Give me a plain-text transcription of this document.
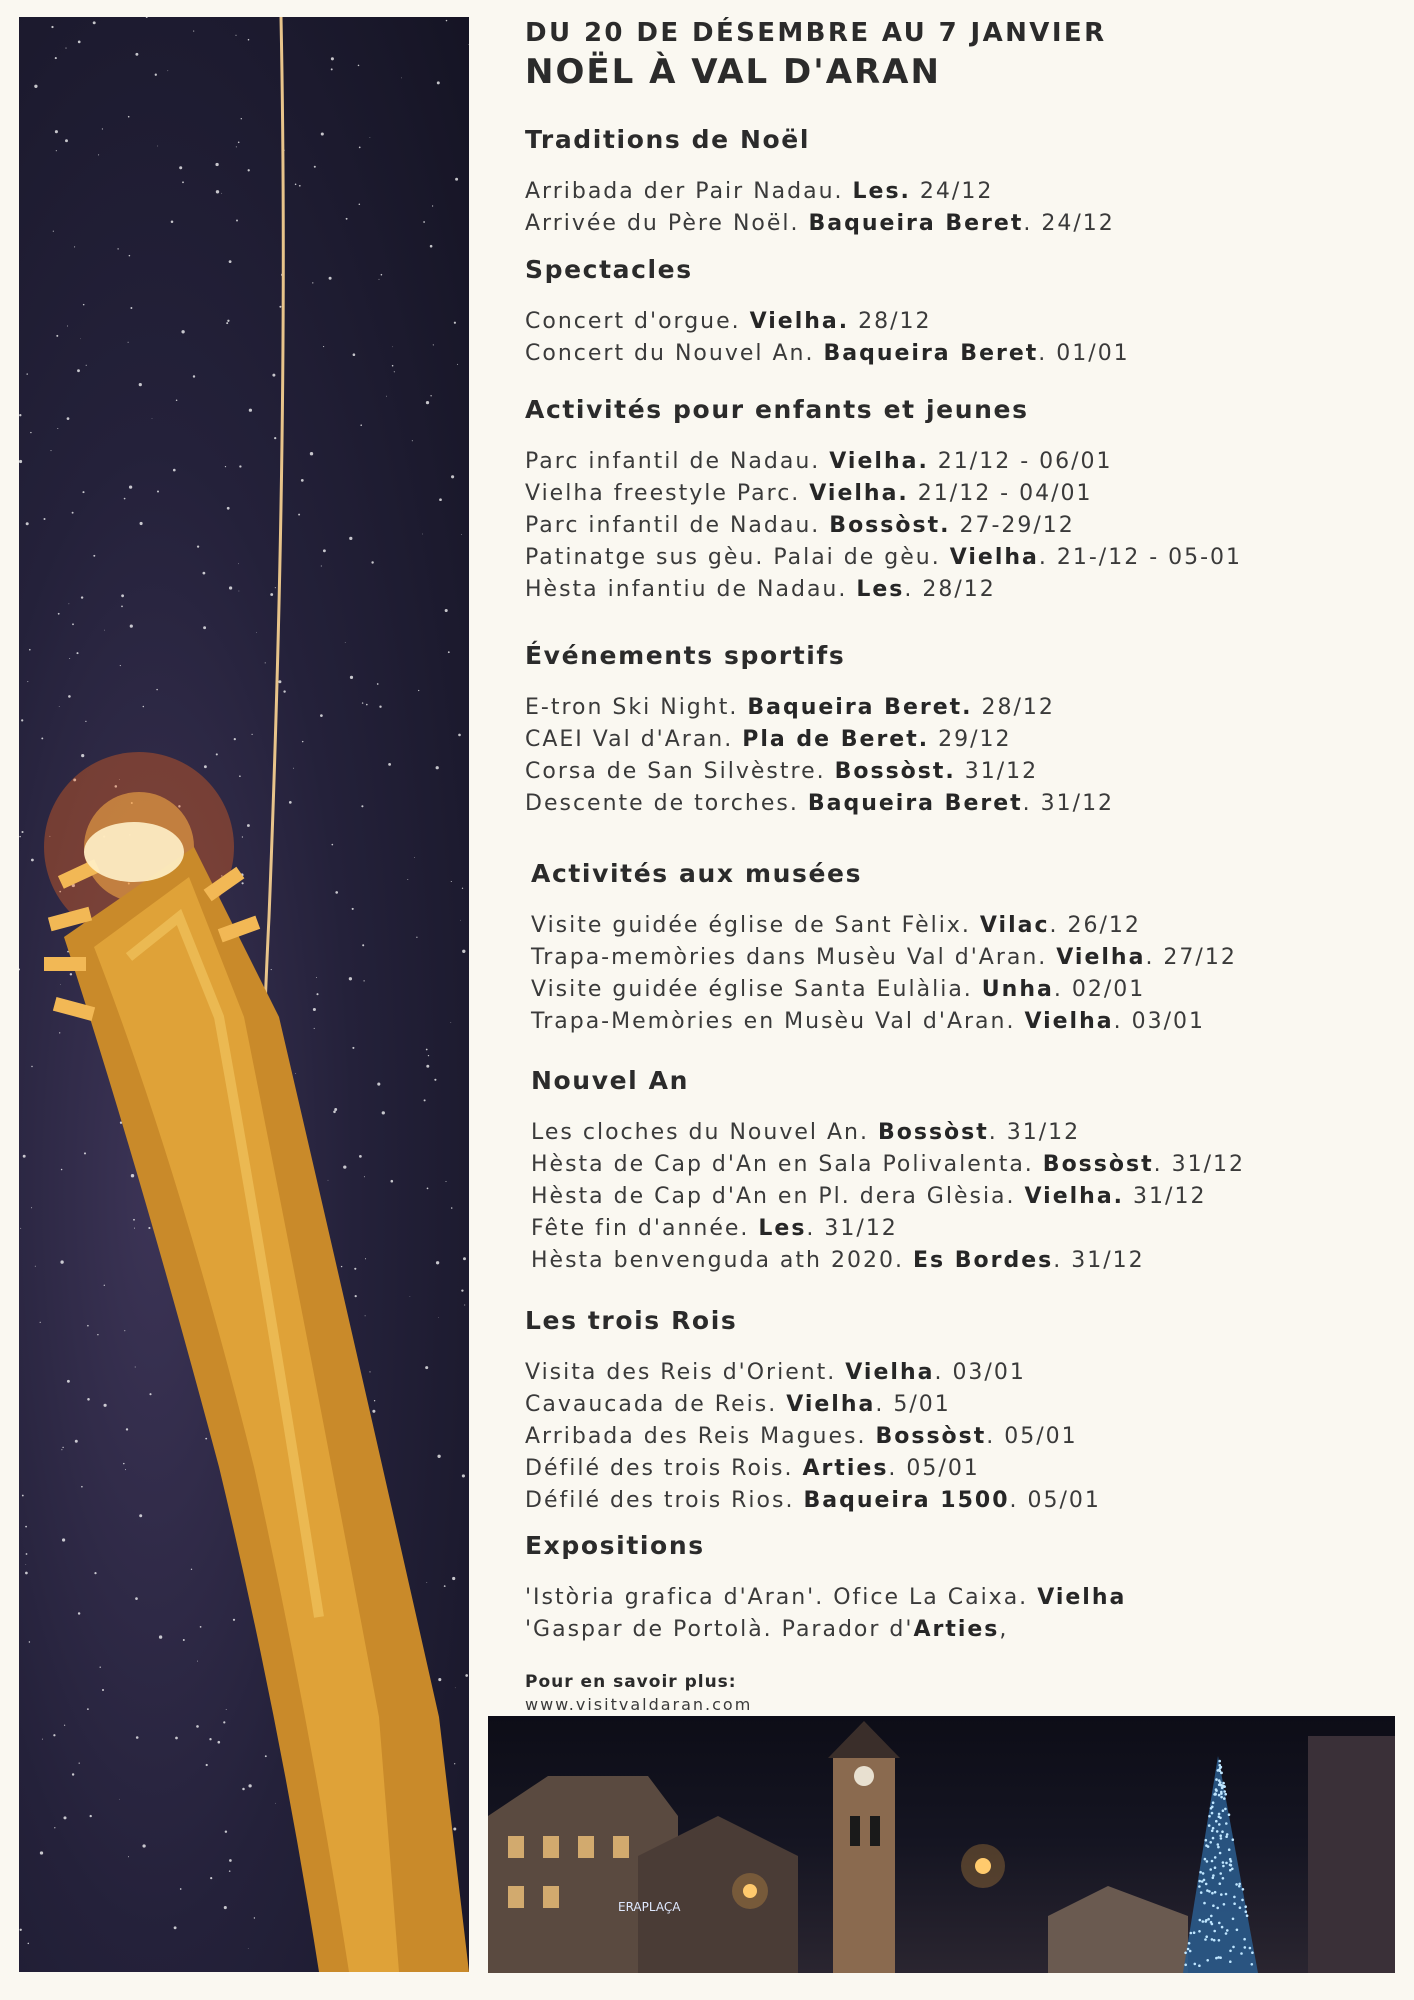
DU 20 DE DÉSEMBRE AU 7 JANVIER
NOËL À VAL D'ARAN
Traditions de Noël
Arribada der Pair Nadau. Les. 24/12
Arrivée du Père Noël. Baqueira Beret. 24/12
Spectacles
Concert d'orgue. Vielha. 28/12
Concert du Nouvel An. Baqueira Beret. 01/01
Activités pour enfants et jeunes
Parc infantil de Nadau. Vielha. 21/12 - 06/01
Vielha freestyle Parc. Vielha. 21/12 - 04/01
Parc infantil de Nadau. Bossòst. 27-29/12
Patinatge sus gèu. Palai de gèu. Vielha. 21-/12 - 05-01
Hèsta infantiu de Nadau. Les. 28/12
Événements sportifs
E-tron Ski Night. Baqueira Beret. 28/12
CAEI Val d'Aran. Pla de Beret. 29/12
Corsa de San Silvèstre. Bossòst. 31/12
Descente de torches. Baqueira Beret. 31/12
Activités aux musées
Visite guidée église de Sant Fèlix. Vilac. 26/12
Trapa-memòries dans Musèu Val d'Aran. Vielha. 27/12
Visite guidée église Santa Eulàlia. Unha. 02/01
Trapa-Memòries en Musèu Val d'Aran. Vielha. 03/01
Nouvel An
Les cloches du Nouvel An. Bossòst. 31/12
Hèsta de Cap d'An en Sala Polivalenta. Bossòst. 31/12
Hèsta de Cap d'An en Pl. dera Glèsia. Vielha. 31/12
Fête fin d'année. Les. 31/12
Hèsta benvenguda ath 2020. Es Bordes. 31/12
Les trois Rois
Visita des Reis d'Orient. Vielha. 03/01
Cavaucada de Reis. Vielha. 5/01
Arribada des Reis Magues. Bossòst. 05/01
Défilé des trois Rois. Arties. 05/01
Défilé des trois Rios. Baqueira 1500. 05/01
Expositions
'Istòria grafica d'Aran'. Ofice La Caixa. Vielha
'Gaspar de Portolà. Parador d'Arties,
Pour en savoir plus:
www.visitvaldaran.com
ERAPLAÇA
